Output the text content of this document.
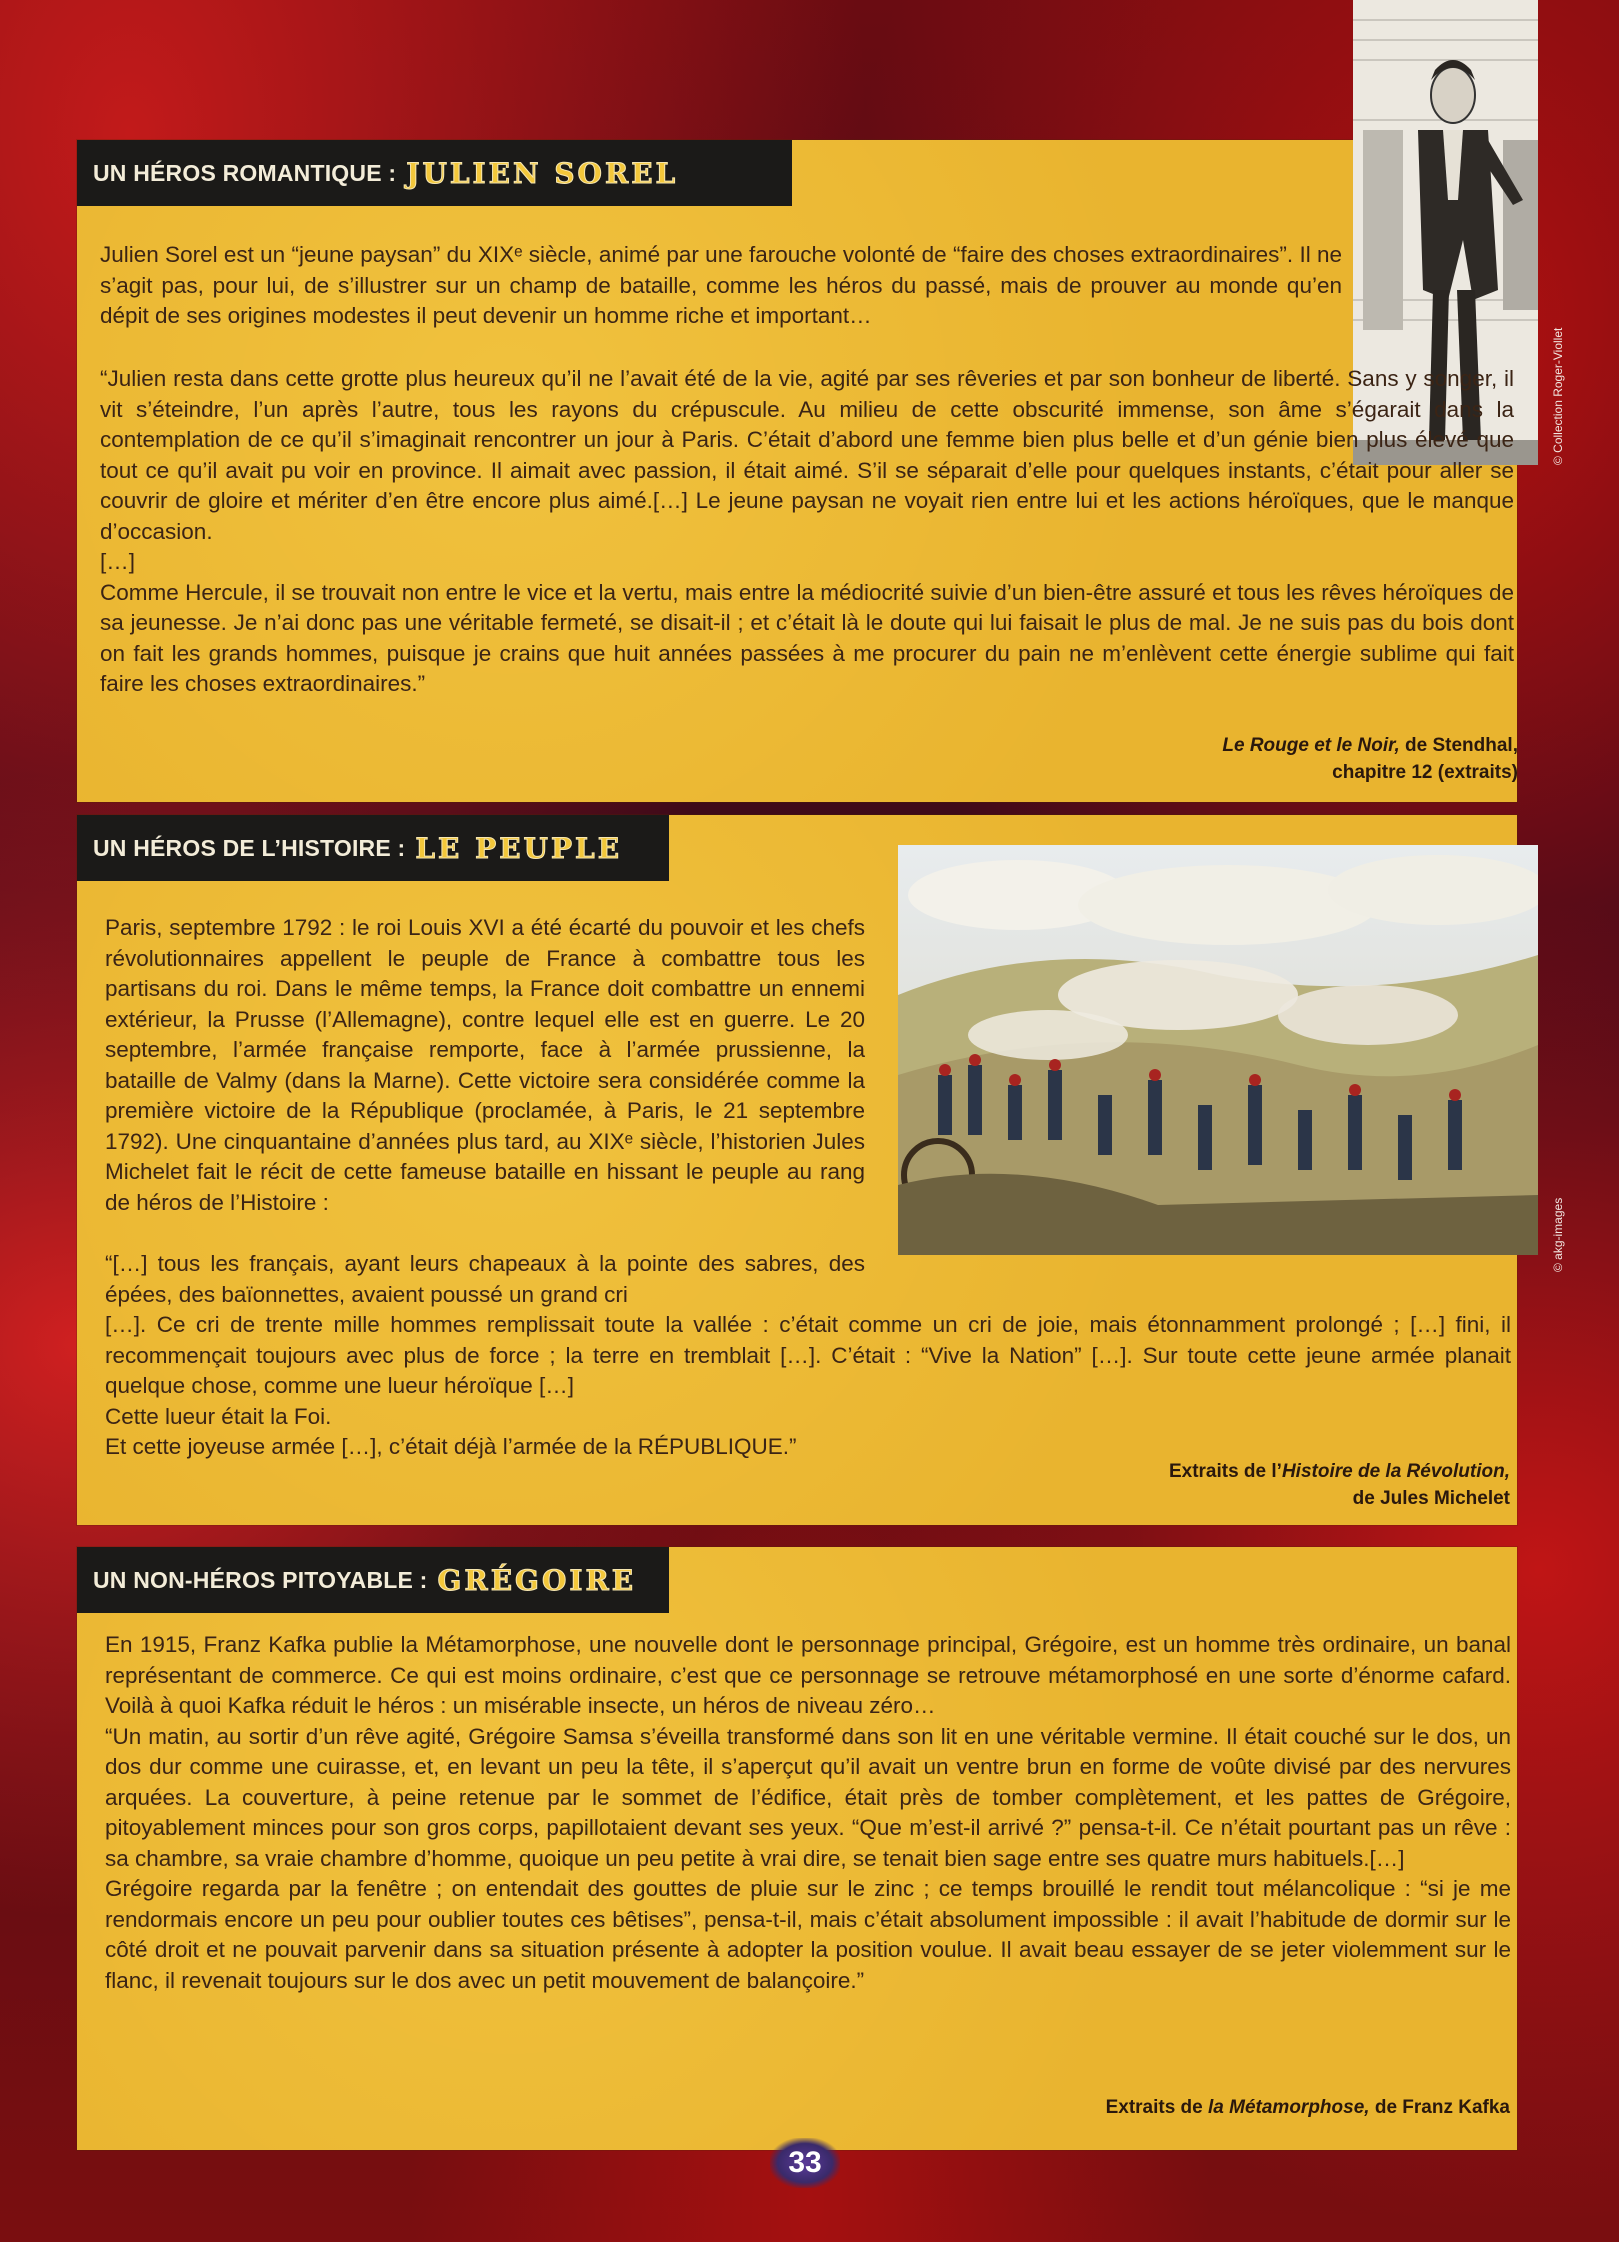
UN HÉROS ROMANTIQUE : JULIEN SOREL
© Collection Roger-Viollet

Julien Sorel est un “jeune paysan” du XIXᵉ siècle, animé par une farouche volonté de “faire des choses extraordinaires”. Il ne s’agit pas, pour lui, de s’illustrer sur un champ de bataille, comme les héros du passé, mais de prouver au monde qu’en dépit de ses origines modestes il peut devenir un homme riche et important…

“Julien resta dans cette grotte plus heureux qu’il ne l’avait été de la vie, agité par ses rêveries et par son bonheur de liberté. Sans y songer, il vit s’éteindre, l’un après l’autre, tous les rayons du crépuscule. Au milieu de cette obscurité immense, son âme s’égarait dans la contemplation de ce qu’il s’imaginait rencontrer un jour à Paris. C’était d’abord une femme bien plus belle et d’un génie bien plus élevé que tout ce qu’il avait pu voir en province. Il aimait avec passion, il était aimé. S’il se séparait d’elle pour quelques instants, c’était pour aller se couvrir de gloire et mériter d’en être encore plus aimé.[…] Le jeune paysan ne voyait rien entre lui et les actions héroïques, que le manque d’occasion.

[…]

Comme Hercule, il se trouvait non entre le vice et la vertu, mais entre la médiocrité suivie d’un bien-être assuré et tous les rêves héroïques de sa jeunesse. Je n’ai donc pas une véritable fermeté, se disait-il ; et c’était là le doute qui lui faisait le plus de mal. Je ne suis pas du bois dont on fait les grands hommes, puisque je crains que huit années passées à me procurer du pain ne m’enlèvent cette énergie sublime qui fait faire les choses extraordinaires.”

Le Rouge et le Noir, de Stendhal,
chapitre 12 (extraits)
UN HÉROS DE L’HISTOIRE : LE PEUPLE
© akg-images

Paris, septembre 1792 : le roi Louis XVI a été écarté du pouvoir et les chefs révolutionnaires appellent le peuple de France à combattre tous les partisans du roi. Dans le même temps, la France doit combattre un ennemi extérieur, la Prusse (l’Allemagne), contre lequel elle est en guerre. Le 20 septembre, l’armée française remporte, face à l’armée prussienne, la bataille de Valmy (dans la Marne). Cette victoire sera considérée comme la première victoire de la République (proclamée, à Paris, le 21 septembre 1792). Une cinquantaine d’années plus tard, au XIXᵉ siècle, l’historien Jules Michelet fait le récit de cette fameuse bataille en hissant le peuple au rang de héros de l’Histoire :

“[…] tous les français, ayant leurs chapeaux à la pointe des sabres, des épées, des baïonnettes, avaient poussé un grand cri

[…]. Ce cri de trente mille hommes remplissait toute la vallée : c’était comme un cri de joie, mais étonnamment prolongé ; […] fini, il recommençait toujours avec plus de force ; la terre en tremblait […]. C’était : “Vive la Nation” […]. Sur toute cette jeune armée planait quelque chose, comme une lueur héroïque […]

Cette lueur était la Foi.

Et cette joyeuse armée […], c’était déjà l’armée de la RÉPUBLIQUE.”

Extraits de l’Histoire de la Révolution,
de Jules Michelet
UN NON-HÉROS PITOYABLE : GRÉGOIRE

En 1915, Franz Kafka publie la Métamorphose, une nouvelle dont le personnage principal, Grégoire, est un homme très ordinaire, un banal représentant de commerce. Ce qui est moins ordinaire, c’est que ce personnage se retrouve métamorphosé en une sorte d’énorme cafard. Voilà à quoi Kafka réduit le héros : un misérable insecte, un héros de niveau zéro…

“Un matin, au sortir d’un rêve agité, Grégoire Samsa s’éveilla transformé dans son lit en une véritable vermine. Il était couché sur le dos, un dos dur comme une cuirasse, et, en levant un peu la tête, il s’aperçut qu’il avait un ventre brun en forme de voûte divisé par des nervures arquées. La couverture, à peine retenue par le sommet de l’édifice, était près de tomber complètement, et les pattes de Grégoire, pitoyablement minces pour son gros corps, papillotaient devant ses yeux. “Que m’est-il arrivé ?” pensa-t-il. Ce n’était pourtant pas un rêve : sa chambre, sa vraie chambre d’homme, quoique un peu petite à vrai dire, se tenait bien sage entre ses quatre murs habituels.[…]

Grégoire regarda par la fenêtre ; on entendait des gouttes de pluie sur le zinc ; ce temps brouillé le rendit tout mélancolique : “si je me rendormais encore un peu pour oublier toutes ces bêtises”, pensa-t-il, mais c’était absolument impossible : il avait l’habitude de dormir sur le côté droit et ne pouvait parvenir dans sa situation présente à adopter la position voulue. Il avait beau essayer de se jeter violemment sur le flanc, il revenait toujours sur le dos avec un petit mouvement de balançoire.”

Extraits de la Métamorphose, de Franz Kafka
33
